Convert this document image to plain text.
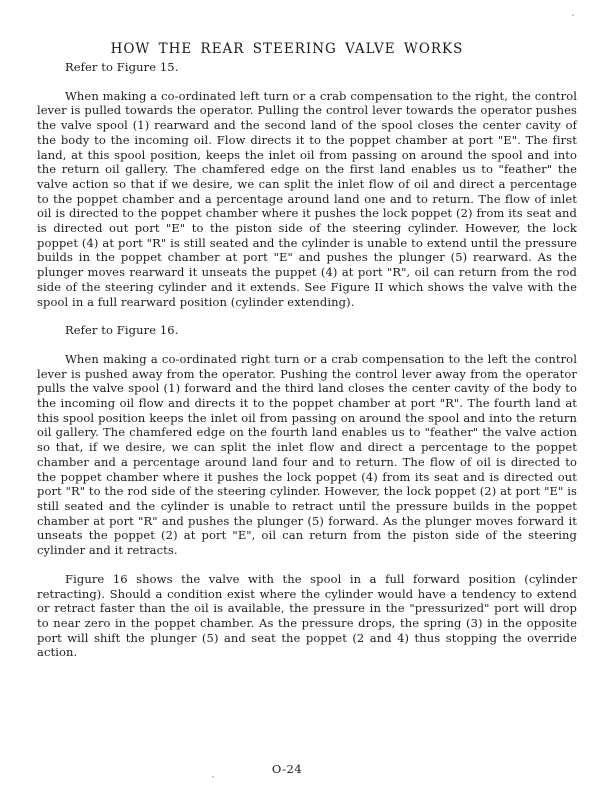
HOW THE REAR STEERING VALVE WORKS

Refer to Figure 15.

When making a co-ordinated left turn or a crab compensation to the right, the control lever is pulled towards the operator. Pulling the control lever towards the operator pushes the valve spool (1) rearward and the second land of the spool closes the center cavity of the body to the incoming oil. Flow directs it to the poppet chamber at port "E". The first land, at this spool position, keeps the inlet oil from passing on around the spool and into the return oil gallery. The chamfered edge on the first land enables us to "feather" the valve action so that if we desire, we can split the inlet flow of oil and direct a percentage to the poppet chamber and a percentage around land one and to return. The flow of inlet oil is directed to the poppet chamber where it pushes the lock poppet (2) from its seat and is directed out port "E" to the piston side of the steering cylinder. However, the lock poppet (4) at port "R" is still seated and the cylinder is unable to extend until the pressure builds in the poppet chamber at port "E" and pushes the plunger (5) rearward. As the plunger moves rearward it unseats the puppet (4) at port "R", oil can return from the rod side of the steering cylinder and it extends. See Figure II which shows the valve with the spool in a full rearward position (cylinder extending).

Refer to Figure 16.

When making a co-ordinated right turn or a crab compensation to the left the control lever is pushed away from the operator. Pushing the control lever away from the operator pulls the valve spool (1) forward and the third land closes the center cavity of the body to the incoming oil flow and directs it to the poppet chamber at port "R". The fourth land at this spool position keeps the inlet oil from passing on around the spool and into the return oil gallery. The chamfered edge on the fourth land enables us to "feather" the valve action so that, if we desire, we can split the inlet flow and direct a percentage to the poppet chamber and a percentage around land four and to return. The flow of oil is directed to the poppet chamber where it pushes the lock poppet (4) from its seat and is directed out port "R" to the rod side of the steering cylinder. However, the lock poppet (2) at port "E" is still seated and the cylinder is unable to retract until the pressure builds in the poppet chamber at port "R" and pushes the plunger (5) forward. As the plunger moves forward it unseats the poppet (2) at port "E", oil can return from the piston side of the steering cylinder and it retracts.

Figure 16 shows the valve with the spool in a full forward position (cylinder retracting). Should a condition exist where the cylinder would have a tendency to extend or retract faster than the oil is available, the pressure in the "pressurized" port will drop to near zero in the poppet chamber. As the pressure drops, the spring (3) in the opposite port will shift the plunger (5) and seat the poppet (2 and 4) thus stopping the override action.

O-24
